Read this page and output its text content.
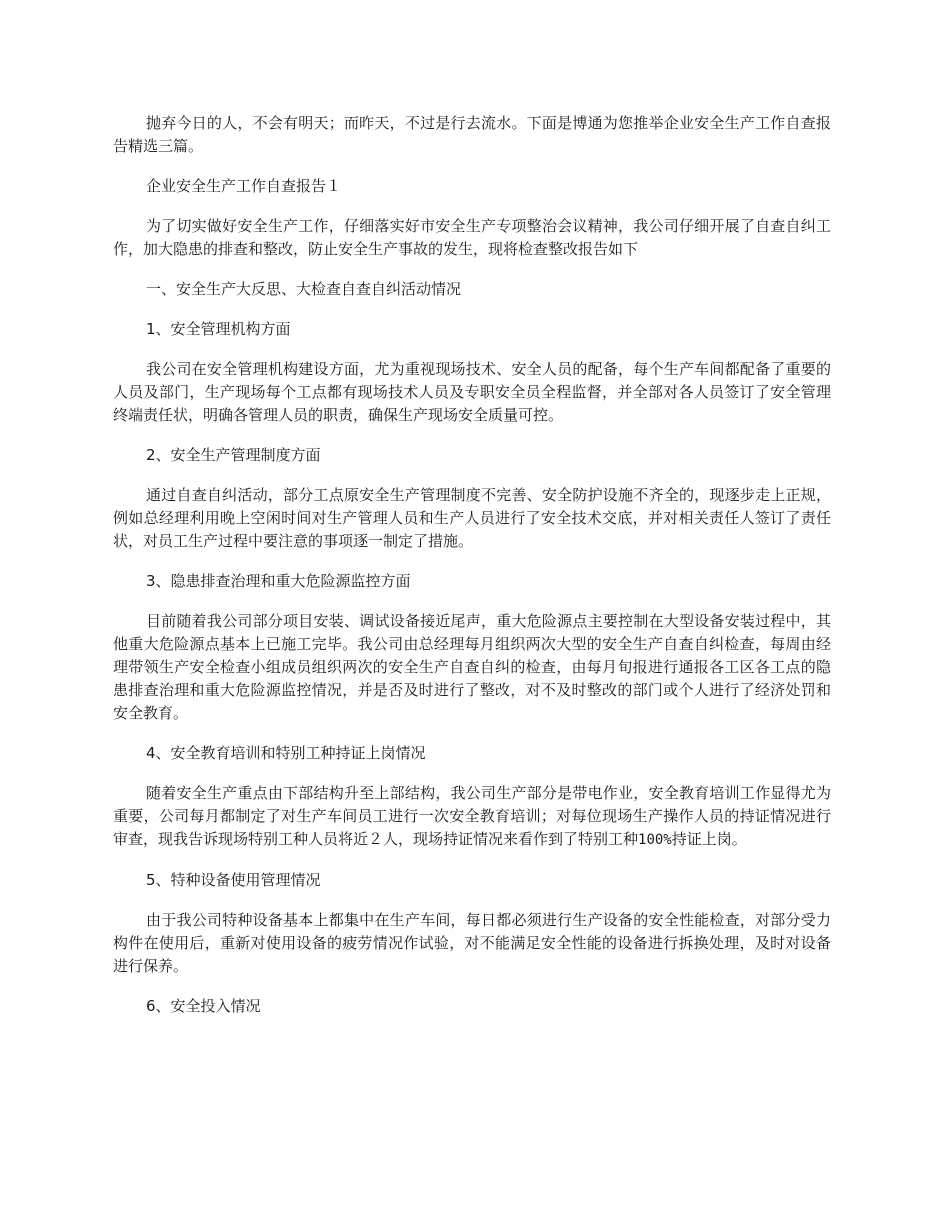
抛弃今日的人，不会有明天；而昨天，不过是行去流水。下面是博通为您推举企业安全生产工作自查报告精选三篇。

企业安全生产工作自查报告１

为了切实做好安全生产工作，仔细落实好市安全生产专项整治会议精神，我公司仔细开展了自查自纠工作，加大隐患的排查和整改，防止安全生产事故的发生，现将检查整改报告如下

一、安全生产大反思、大检查自查自纠活动情况

1、安全管理机构方面

我公司在安全管理机构建设方面，尤为重视现场技术、安全人员的配备，每个生产车间都配备了重要的人员及部门，生产现场每个工点都有现场技术人员及专职安全员全程监督，并全部对各人员签订了安全管理终端责任状，明确各管理人员的职责，确保生产现场安全质量可控。

2、安全生产管理制度方面

通过自查自纠活动，部分工点原安全生产管理制度不完善、安全防护设施不齐全的，现逐步走上正规，例如总经理利用晚上空闲时间对生产管理人员和生产人员进行了安全技术交底，并对相关责任人签订了责任状，对员工生产过程中要注意的事项逐一制定了措施。

3、隐患排查治理和重大危险源监控方面

目前随着我公司部分项目安装、调试设备接近尾声，重大危险源点主要控制在大型设备安装过程中，其他重大危险源点基本上已施工完毕。我公司由总经理每月组织两次大型的安全生产自查自纠检查，每周由经理带领生产安全检查小组成员组织两次的安全生产自查自纠的检查，由每月旬报进行通报各工区各工点的隐患排查治理和重大危险源监控情况，并是否及时进行了整改，对不及时整改的部门或个人进行了经济处罚和安全教育。

4、安全教育培训和特别工种持证上岗情况

随着安全生产重点由下部结构升至上部结构，我公司生产部分是带电作业，安全教育培训工作显得尤为重要，公司每月都制定了对生产车间员工进行一次安全教育培训；对每位现场生产操作人员的持证情况进行审查，现我告诉现场特别工种人员将近２人，现场持证情况来看作到了特别工种100%持证上岗。

5、特种设备使用管理情况

由于我公司特种设备基本上都集中在生产车间，每日都必须进行生产设备的安全性能检查，对部分受力构件在使用后，重新对使用设备的疲劳情况作试验，对不能满足安全性能的设备进行拆换处理，及时对设备进行保养。

6、安全投入情况
